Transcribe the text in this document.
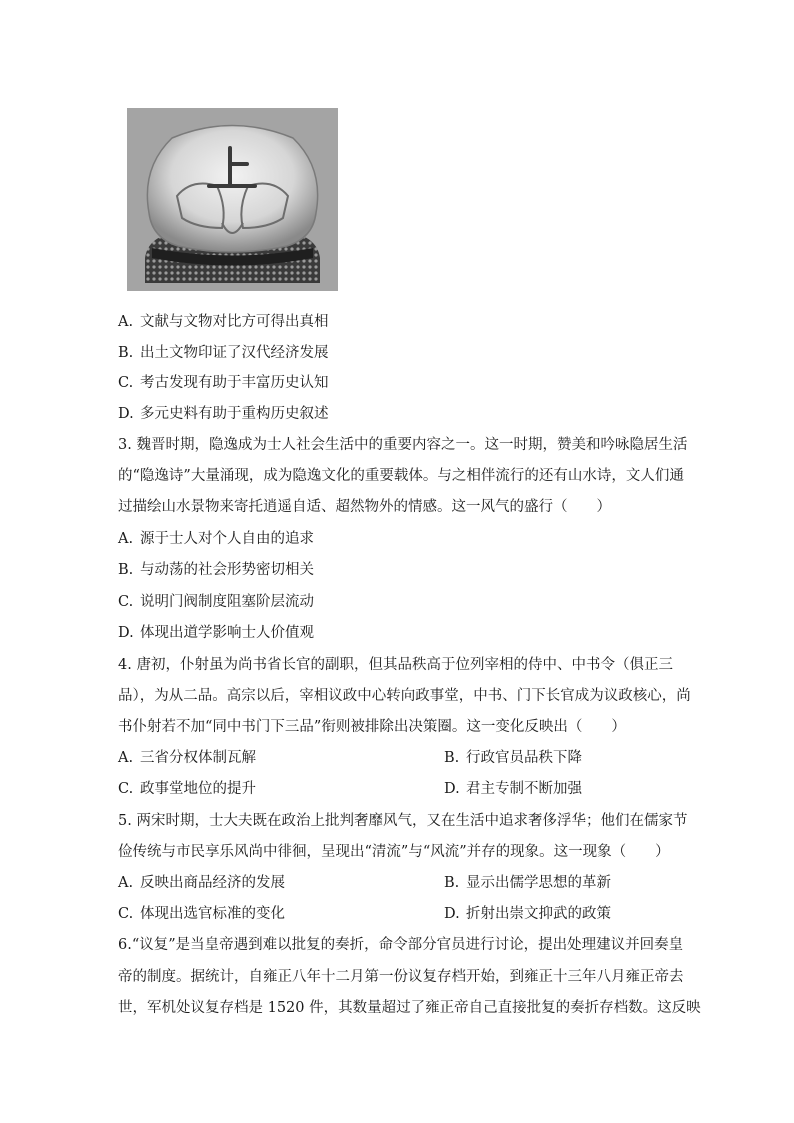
A. 文献与文物对比方可得出真相
B. 出土文物印证了汉代经济发展
C. 考古发现有助于丰富历史认知
D. 多元史料有助于重构历史叙述
3. 魏晋时期，隐逸成为士人社会生活中的重要内容之一。这一时期，赞美和吟咏隐居生活
的“隐逸诗”大量涌现，成为隐逸文化的重要载体。与之相伴流行的还有山水诗，文人们通
过描绘山水景物来寄托逍遥自适、超然物外的情感。这一风气的盛行（　　）
A. 源于士人对个人自由的追求
B. 与动荡的社会形势密切相关
C. 说明门阀制度阻塞阶层流动
D. 体现出道学影响士人价值观
4. 唐初，仆射虽为尚书省长官的副职，但其品秩高于位列宰相的侍中、中书令（俱正三
品），为从二品。高宗以后，宰相议政中心转向政事堂，中书、门下长官成为议政核心，尚
书仆射若不加“同中书门下三品”衔则被排除出决策圈。这一变化反映出（　　）
A. 三省分权体制瓦解	B. 行政官员品秩下降
C. 政事堂地位的提升	D. 君主专制不断加强
5. 两宋时期，士大夫既在政治上批判奢靡风气，又在生活中追求奢侈浮华；他们在儒家节
俭传统与市民享乐风尚中徘徊，呈现出“清流”与“风流”并存的现象。这一现象（　　）
A. 反映出商品经济的发展	B. 显示出儒学思想的革新
C. 体现出选官标准的变化	D. 折射出崇文抑武的政策
6.“议复”是当皇帝遇到难以批复的奏折，命令部分官员进行讨论，提出处理建议并回奏皇
帝的制度。据统计，自雍正八年十二月第一份议复存档开始，到雍正十三年八月雍正帝去
世，军机处议复存档是 1520 件，其数量超过了雍正帝自己直接批复的奏折存档数。这反映
